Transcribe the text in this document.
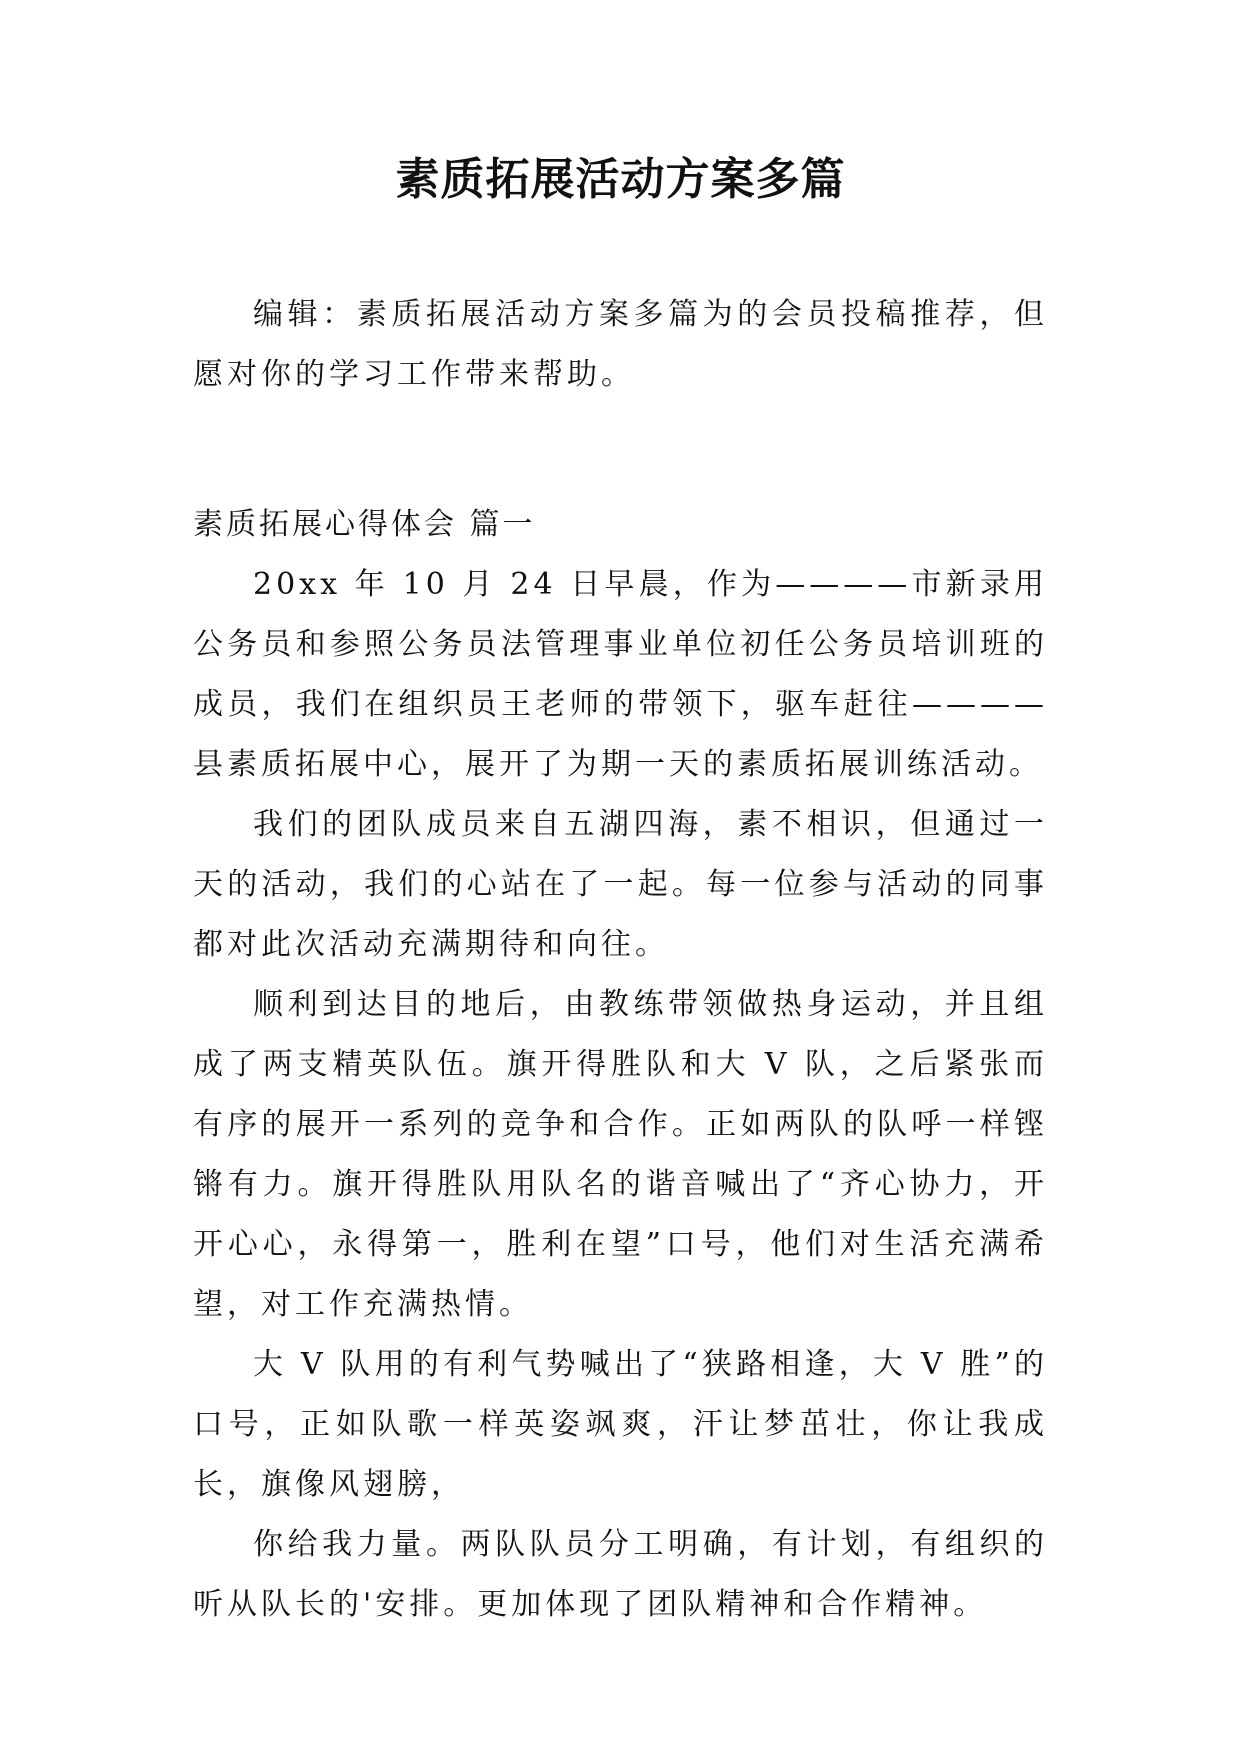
素质拓展活动方案多篇

编辑：素质拓展活动方案多篇为的会员投稿推荐，但愿对你的学习工作带来帮助。

素质拓展心得体会 篇一

20xx 年 10 月 24 日早晨，作为————市新录用公务员和参照公务员法管理事业单位初任公务员培训班的成员，我们在组织员王老师的带领下，驱车赶往————县素质拓展中心，展开了为期一天的素质拓展训练活动。

我们的团队成员来自五湖四海，素不相识，但通过一天的活动，我们的心站在了一起。每一位参与活动的同事都对此次活动充满期待和向往。

顺利到达目的地后，由教练带领做热身运动，并且组成了两支精英队伍。旗开得胜队和大 V 队，之后紧张而有序的展开一系列的竞争和合作。正如两队的队呼一样铿锵有力。旗开得胜队用队名的谐音喊出了“齐心协力，开开心心，永得第一，胜利在望”口号，他们对生活充满希望，对工作充满热情。

大 V 队用的有利气势喊出了“狭路相逢，大 V 胜”的口号，正如队歌一样英姿飒爽，汗让梦茁壮，你让我成长，旗像风翅膀，

你给我力量。两队队员分工明确，有计划，有组织的听从队长的'安排。更加体现了团队精神和合作精神。
